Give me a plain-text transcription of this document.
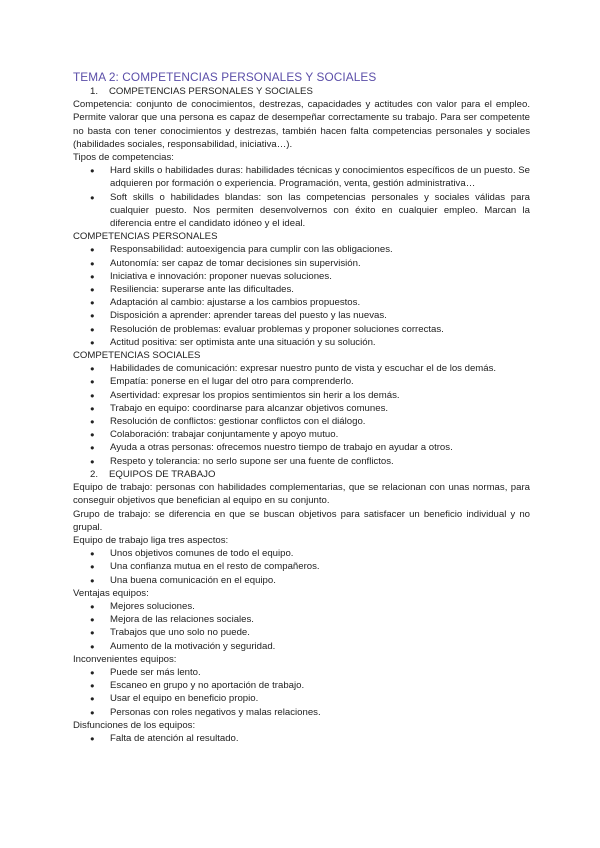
TEMA 2: COMPETENCIAS PERSONALES Y SOCIALES
1.	COMPETENCIAS PERSONALES Y SOCIALES

Competencia: conjunto de conocimientos, destrezas, capacidades y actitudes con valor para el empleo. Permite valorar que una persona es capaz de desempeñar correctamente su trabajo. Para ser competente no basta con tener conocimientos y destrezas, también hacen falta competencias personales y sociales (habilidades sociales, responsabilidad, iniciativa…).

Tipos de competencias:

● Hard skills o habilidades duras: habilidades técnicas y conocimientos específicos de un puesto. Se adquieren por formación o experiencia. Programación, venta, gestión administrativa…
● Soft skills o habilidades blandas: son las competencias personales y sociales válidas para cualquier puesto. Nos permiten desenvolvernos con éxito en cualquier empleo. Marcan la diferencia entre el candidato idóneo y el ideal.

COMPETENCIAS PERSONALES

● Responsabilidad: autoexigencia para cumplir con las obligaciones.
● Autonomía: ser capaz de tomar decisiones sin supervisión.
● Iniciativa e innovación: proponer nuevas soluciones.
● Resiliencia: superarse ante las dificultades.
● Adaptación al cambio: ajustarse a los cambios propuestos.
● Disposición a aprender: aprender tareas del puesto y las nuevas.
● Resolución de problemas: evaluar problemas y proponer soluciones correctas.
● Actitud positiva: ser optimista ante una situación y su solución.

COMPETENCIAS SOCIALES

● Habilidades de comunicación: expresar nuestro punto de vista y escuchar el de los demás.
● Empatía: ponerse en el lugar del otro para comprenderlo.
● Asertividad: expresar los propios sentimientos sin herir a los demás.
● Trabajo en equipo: coordinarse para alcanzar objetivos comunes.
● Resolución de conflictos: gestionar conflictos con el diálogo.
● Colaboración: trabajar conjuntamente y apoyo mutuo.
● Ayuda a otras personas: ofrecemos nuestro tiempo de trabajo en ayudar a otros.
● Respeto y tolerancia: no serlo supone ser una fuente de conflictos.
2.	EQUIPOS DE TRABAJO

Equipo de trabajo: personas con habilidades complementarias, que se relacionan con unas normas, para conseguir objetivos que benefician al equipo en su conjunto.

Grupo de trabajo: se diferencia en que se buscan objetivos para satisfacer un beneficio individual y no grupal.

Equipo de trabajo liga tres aspectos:

● Unos objetivos comunes de todo el equipo.
● Una confianza mutua en el resto de compañeros.
● Una buena comunicación en el equipo.

Ventajas equipos:

● Mejores soluciones.
● Mejora de las relaciones sociales.
● Trabajos que uno solo no puede.
● Aumento de la motivación y seguridad.

Inconvenientes equipos:

● Puede ser más lento.
● Escaneo en grupo y no aportación de trabajo.
● Usar el equipo en beneficio propio.
● Personas con roles negativos y malas relaciones.

Disfunciones de los equipos:

● Falta de atención al resultado.
